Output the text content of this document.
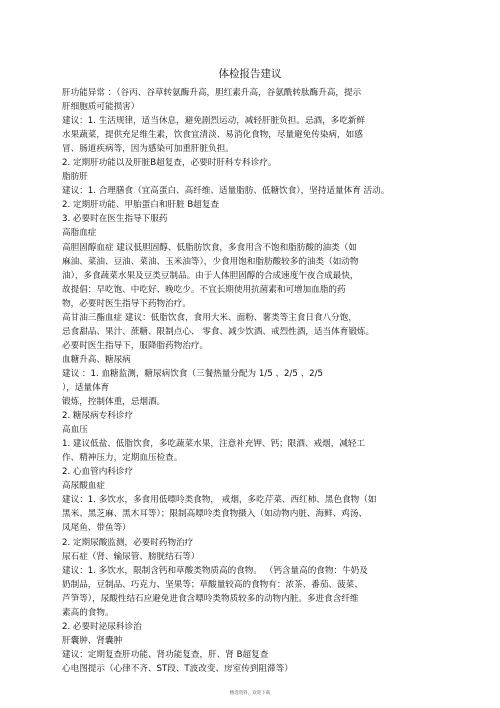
体检报告建议
肝功能异常 ：（谷丙、谷草转氨酶升高，胆红素升高，谷氨酰转肽酶升高，提示
肝细胞质可能损害）
建议：1. 生活规律，适当休息，避免剧烈运动，减轻肝脏负担。忌酒，多吃新鲜
水果蔬菜，提供充足维生素，饮食宜清淡、易消化食物，尽量避免传染病，如感
冒、肠道疾病等，因为感染可加重肝脏负担。
2. 定期肝功能以及肝脏B超复查，必要时肝科专科诊疗。
脂肪肝
建议：1. 合理膳食（宜高蛋白、高纤维、适量脂肪、低糖饮食），坚持适量体育 活动。
2. 定期肝功能、甲胎蛋白和肝脏 B超复查
3. 必要时在医生指导下服药
高脂血症
高胆固醇血症 建议低胆固醇、低脂肪饮食，多食用含不饱和脂肪酸的油类（如
麻油、菜油、豆油、菜油、玉米油等），少食用饱和脂肪酸较多的油类（如动物
油），多食蔬菜水果及豆类豆制品。由于人体胆固醇的合成速度午夜合成最快，
故提倡：早吃饱、中吃好、晚吃少。不宜长期使用抗菌素和可增加血脂的药
物，必要时医生指导下药物治疗。
高甘油三酯血症 建议：低脂饮食，食用大米、面粉、薯类等主食日食八分饱，
忌食甜品、果汁、蔗糖、限制点心、 零食、减少饮酒、戒烈性酒，适当体育锻炼。
必要时医生指导下，服降脂药物治疗。
血糖升高、糖尿病
建议 ：1. 血糖监测，糖尿病饮食（三餐热量分配为 1/5 、2/5 、2/5
），适量体育
锻炼，控制体重，忌烟酒。
2. 糖尿病专科诊疗
高血压
1. 建议低盐、低脂饮食，多吃蔬菜水果，注意补充钾、钙；限酒、戒烟，减轻工
作、精神压力，定期血压检查。
2. 心血管内科诊疗
高尿酸血症
建议：1. 多饮水，多食用低嘌呤类食物， 戒烟，多吃芹菜、西红柿、黑色食物（如
黑米、黑芝麻、黑木耳等）；限制高嘌呤类食物摄入（如动物内脏、海鲜、鸡汤、
凤尾鱼、带鱼等）
2. 定期尿酸监测，必要时药物治疗
尿石症（肾、输尿管、膀胱结石等）
建议：1. 多饮水，限制含钙和草酸类物质高的食物。 （钙含量高的食物：牛奶及
奶制品，豆制品、巧克力、坚果等；草酸量较高的食物有：浓茶、番茄、菠菜、
芦笋等），尿酸性结石应避免进食含嘌呤类物质较多的动物内脏。多进食含纤维
素高的食物。
2. 必要时泌尿科诊治
肝囊肿、肾囊肿
建议：定期复查肝功能、肾功能复查，肝、肾 B超复查
心电图提示（心律不齐、ST段、T波改变、房室传到阻滞等）
精选资料，欢迎下载
